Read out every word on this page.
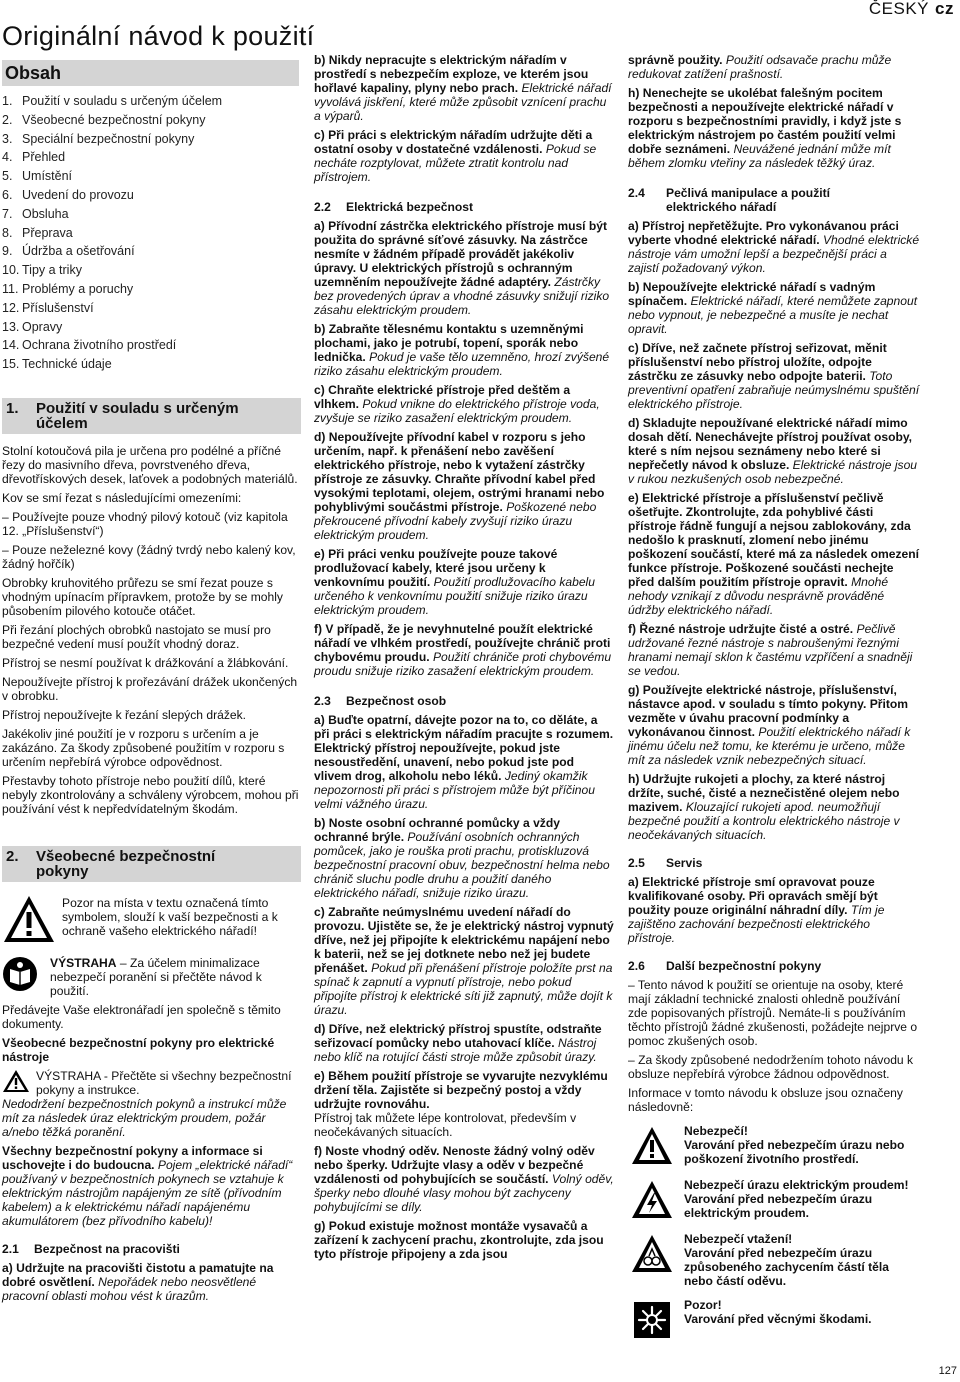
ČESKÝ cz
Originální návod k použití
Obsah
1. Použití v souladu s určeným účelem
2. Všeobecné bezpečnostní pokyny
3. Speciální bezpečnostní pokyny
4. Přehled
5. Umístění
6. Uvedení do provozu
7. Obsluha
8. Přeprava
9. Údržba a ošetřování
10. Tipy a triky
11. Problémy a poruchy
12. Příslušenství
13. Opravy
14. Ochrana životního prostředí
15. Technické údaje
1.	Použití v souladu s určeným účelem

Stolní kotoučová pila je určena pro podélné a příčné řezy do masivního dřeva, povrstveného dřeva, dřevotřískových desek, laťovek a podobných materiálů.

Kov se smí řezat s následujícími omezeními:

– Používejte pouze vhodný pilový kotouč (viz kapitola 12. „Příslušenství“)

– Pouze neželezné kovy (žádný tvrdý nebo kalený kov, žádný hořčík)

Obrobky kruhovitého průřezu se smí řezat pouze s vhodným upínacím přípravkem, protože by se mohly působením pilového kotouče otáčet.

Při řezání plochých obrobků nastojato se musí pro bezpečné vedení musí použít vhodný doraz.

Přístroj se nesmí používat k drážkování a žlábkování.

Nepoužívejte přístroj k prořezávání drážek ukončených v obrobku.

Přístroj nepoužívejte k řezání slepých drážek.

Jakékoliv jiné použití je v rozporu s určením a je zakázáno. Za škody způsobené použitím v rozporu s určením nepřebírá výrobce odpovědnost.

Přestavby tohoto přístroje nebo použití dílů, které nebyly zkontrolovány a schváleny výrobcem, mohou při používání vést k nepředvídatelným škodám.

2.	Všeobecné bezpečnostní pokyny

Pozor na místa v textu označená tímto symbolem, slouží k vaší bezpečnosti a k ochraně vašeho elektrického nářadí!

VÝSTRAHA – Za účelem minimalizace nebezpečí poranění si přečtěte návod k použití.

Předávejte Vaše elektronářadí jen společně s těmito dokumenty.

Všeobecné bezpečnostní pokyny pro elektrické nástroje

VÝSTRAHA - Přečtěte si všechny bezpečnostní pokyny a instrukce.

Nedodržení bezpečnostních pokynů a instrukcí může mít za následek úraz elektrickým proudem, požár a/nebo těžká poranění.

Všechny bezpečnostní pokyny a informace si uschovejte i do budoucna. Pojem „elektrické nářadí“ používaný v bezpečnostních pokynech se vztahuje k elektrickým nástrojům napájeným ze sítě (přívodním kabelem) a k elektrickému nářadí napájenému akumulátorem (bez přívodního kabelu)!

2.1 Bezpečnost na pracovišti

a) Udržujte na pracovišti čistotu a pamatujte na dobré osvětlení. Nepořádek nebo neosvětlené pracovní oblasti mohou vést k úrazům.

b) Nikdy nepracujte s elektrickým nářadím v prostředí s nebezpečím exploze, ve kterém jsou hořlavé kapaliny, plyny nebo prach. Elektrické nářadí vyvolává jiskření, které může způsobit vznícení prachu a výparů.

c) Při práci s elektrickým nářadím udržujte děti a ostatní osoby v dostatečné vzdálenosti. Pokud se necháte rozptylovat, můžete ztratit kontrolu nad přístrojem.

2.2 Elektrická bezpečnost

a) Přívodní zástrčka elektrického přístroje musí být použita do správné síťové zásuvky. Na zástrčce nesmíte v žádném případě provádět jakékoliv úpravy. U elektrických přístrojů s ochranným uzemněním nepoužívejte žádné adaptéry. Zástrčky bez provedených úprav a vhodné zásuvky snižují riziko zásahu elektrickým proudem.

b) Zabraňte tělesnému kontaktu s uzemněnými plochami, jako je potrubí, topení, sporák nebo lednička. Pokud je vaše tělo uzemněno, hrozí zvýšené riziko zásahu elektrickým proudem.

c) Chraňte elektrické přístroje před deštěm a vlhkem. Pokud vnikne do elektrického přístroje voda, zvyšuje se riziko zasažení elektrickým proudem.

d) Nepoužívejte přívodní kabel v rozporu s jeho určením, např. k přenášení nebo zavěšení elektrického přístroje, nebo k vytažení zástrčky přístroje ze zásuvky. Chraňte přívodní kabel před vysokými teplotami, olejem, ostrými hranami nebo pohyblivými součástmi přístroje. Poškozené nebo překroucené přívodní kabely zvyšují riziko úrazu elektrickým proudem.

e) Při práci venku používejte pouze takové prodlužovací kabely, které jsou určeny k venkovnímu použití. Použití prodlužovacího kabelu určeného k venkovnímu použití snižuje riziko úrazu elektrickým proudem.

f) V případě, že je nevyhnutelné použít elektrické nářadí ve vlhkém prostředí, používejte chránič proti chybovému proudu. Použití chrániče proti chybovému proudu snižuje riziko zasažení elektrickým proudem.

2.3 Bezpečnost osob

a) Buďte opatrní, dávejte pozor na to, co děláte, a při práci s elektrickým nářadím pracujte s rozumem. Elektrický přístroj nepoužívejte, pokud jste nesoustředění, unavení, nebo pokud jste pod vlivem drog, alkoholu nebo léků. Jediný okamžik nepozornosti při práci s přístrojem může být příčinou velmi vážného úrazu.

b) Noste osobní ochranné pomůcky a vždy ochranné brýle. Používání osobních ochranných pomůcek, jako je rouška proti prachu, protiskluzová bezpečnostní pracovní obuv, bezpečnostní helma nebo chránič sluchu podle druhu a použití daného elektrického nářadí, snižuje riziko úrazu.

c) Zabraňte neúmyslnému uvedení nářadí do provozu. Ujistěte se, že je elektrický nástroj vypnutý dříve, než jej připojíte k elektrickému napájení nebo k baterii, než se jej dotknete nebo než jej budete přenášet. Pokud při přenášení přístroje položíte prst na spínač k zapnutí a vypnutí přístroje, nebo pokud připojíte přístroj k elektrické síti již zapnutý, může dojít k úrazu.

d) Dříve, než elektrický přístroj spustíte, odstraňte seřizovací pomůcky nebo utahovací klíče. Nástroj nebo klíč na rotující části stroje může způsobit úrazy.

e) Během použití přístroje se vyvarujte nezvyklému držení těla. Zajistěte si bezpečný postoj a vždy udržujte rovnováhu.

Přístroj tak můžete lépe kontrolovat, především v neočekávaných situacích.

f) Noste vhodný oděv. Nenoste žádný volný oděv nebo šperky. Udržujte vlasy a oděv v bezpečné vzdálenosti od pohybujících se součástí. Volný oděv, šperky nebo dlouhé vlasy mohou být zachyceny pohybujícími se díly.

g) Pokud existuje možnost montáže vysavačů a zařízení k zachycení prachu, zkontrolujte, zda jsou tyto přístroje připojeny a zda jsou

správně použity. Použití odsavače prachu může redukovat zatížení prašností.

h) Nenechejte se ukolébat falešným pocitem bezpečnosti a nepoužívejte elektrické nářadí v rozporu s bezpečnostními pravidly, i když jste s elektrickým nástrojem po častém použití velmi dobře seznámeni. Neuvážené jednání může mít během zlomku vteřiny za následek těžký úraz.

2.4	Pečlivá manipulace a použití elektrického nářadí

a) Přístroj nepřetěžujte. Pro vykonávanou práci vyberte vhodné elektrické nářadí. Vhodné elektrické nástroje vám umožní lepší a bezpečnější práci a zajistí požadovaný výkon.

b) Nepoužívejte elektrické nářadí s vadným spínačem. Elektrické nářadí, které nemůžete zapnout nebo vypnout, je nebezpečné a musíte je nechat opravit.

c) Dříve, než začnete přístroj seřizovat, měnit příslušenství nebo přístroj uložíte, odpojte zástrčku ze zásuvky nebo odpojte baterii. Toto preventivní opatření zabraňuje neúmyslnému spuštění elektrického přístroje.

d) Skladujte nepoužívané elektrické nářadí mimo dosah dětí. Nenechávejte přístroj používat osoby, které s ním nejsou seznámeny nebo které si nepřečetly návod k obsluze. Elektrické nástroje jsou v rukou nezkušených osob nebezpečné.

e) Elektrické přístroje a příslušenství pečlivě ošetřujte. Zkontrolujte, zda pohyblivé části přístroje řádně fungují a nejsou zablokovány, zda nedošlo k prasknutí, zlomení nebo jinému poškození součástí, které má za následek omezení funkce přístroje. Poškozené součásti nechejte před dalším použitím přístroje opravit. Mnohé nehody vznikají z důvodu nesprávně prováděné údržby elektrického nářadí.

f) Řezné nástroje udržujte čisté a ostré. Pečlivě udržované řezné nástroje s nabroušenými řeznými hranami nemají sklon k častému vzpříčení a snadněji se vedou.

g) Používejte elektrické nástroje, příslušenství, nástavce apod. v souladu s tímto pokyny. Přitom vezměte v úvahu pracovní podmínky a vykonávanou činnost. Použití elektrického nářadí k jinému účelu než tomu, ke kterému je určeno, může mít za následek vznik nebezpečných situací.

h) Udržujte rukojeti a plochy, za které nástroj držíte, suché, čisté a neznečistěné olejem nebo mazivem. Klouzající rukojeti apod. neumožňují bezpečné použití a kontrolu elektrického nástroje v neočekávaných situacích.

2.5 Servis

a) Elektrické přístroje smí opravovat pouze kvalifikované osoby. Při opravách smějí být použity pouze originální náhradní díly. Tím je zajištěno zachování bezpečnosti elektrického přístroje.

2.6 Další bezpečnostní pokyny

– Tento návod k použití se orientuje na osoby, které mají základní technické znalosti ohledně používání zde popisovaných přístrojů. Nemáte-li s používáním těchto přístrojů žádné zkušenosti, požádejte nejprve o pomoc zkušených osob.

– Za škody způsobené nedodržením tohoto návodu k obsluze nepřebírá výrobce žádnou odpovědnost.

Informace v tomto návodu k obsluze jsou označeny následovně:

Nebezpečí!

Varování před nebezpečím úrazu nebo poškození životního prostředí.

Nebezpečí úrazu elektrickým proudem!

Varování před nebezpečím úrazu elektrickým proudem.

Nebezpečí vtažení!

Varování před nebezpečím úrazu způsobeného zachycením částí těla nebo částí oděvu.

Pozor!

Varování před věcnými škodami.

127
